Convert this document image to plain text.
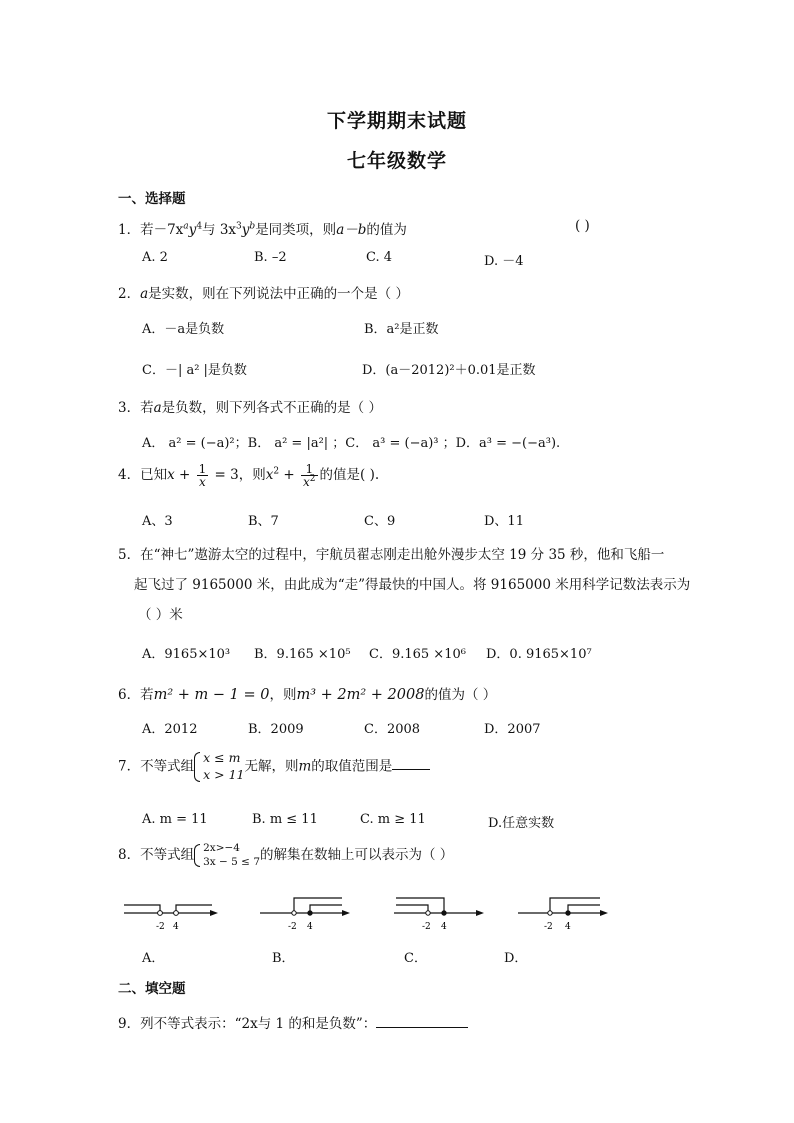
下学期期末试题
七年级数学
一、选择题
1．若$-7x^ay^4$与 $3x^3y^b$是同类项，则a－b的值为	( )
A. 2	B. –2	C. 4	D. －4
2．a是实数，则在下列说法中正确的一个是（ ）
A．－a是负数	B．a²是正数
C．－| a² |是负数	D．(a－2012)²＋0.01是正数
3．若a是负数，则下列各式不正确的是（ ）
A． a² = (−a)²；B． a² = |a²| ；C． a³ = (−a)³ ；D．a³ = −(−a³).
4．已知$x + \frac{1}{x} = 3$，则$x^2 + \frac{1}{x^2}$ 的值是( ).
A、3	B、7	C、9	D、11
5．在“神七”遨游太空的过程中，宇航员翟志刚走出舱外漫步太空 19 分 35 秒，他和飞船一
起飞过了 9165000 米，由此成为“走”得最快的中国人。将 9165000 米用科学记数法表示为
（ ）米
A．9165×10³ B．9.165 ×10⁵ C．9.165 ×10⁶ D．0. 9165×10⁷
6．若m² + m − 1 = 0，则m³ + 2m² + 2008的值为（ ）
A．2012	B．2009	C．2008	D．2007
7．不等式组
x ≤ m
x > 11 无解，则m的取值范围是
A. m = 11	B. m ≤ 11	C. m ≥ 11	D.任意实数
8．不等式组 2x>−4
3x − 5 ≤ 7 的解集在数轴上可以表示为（ ）
-2 4	-2 4	-2 4	-2 4
A．	B．	C．	D．
二、填空题
9．列不等式表示：“2x与 1 的和是负数”：
